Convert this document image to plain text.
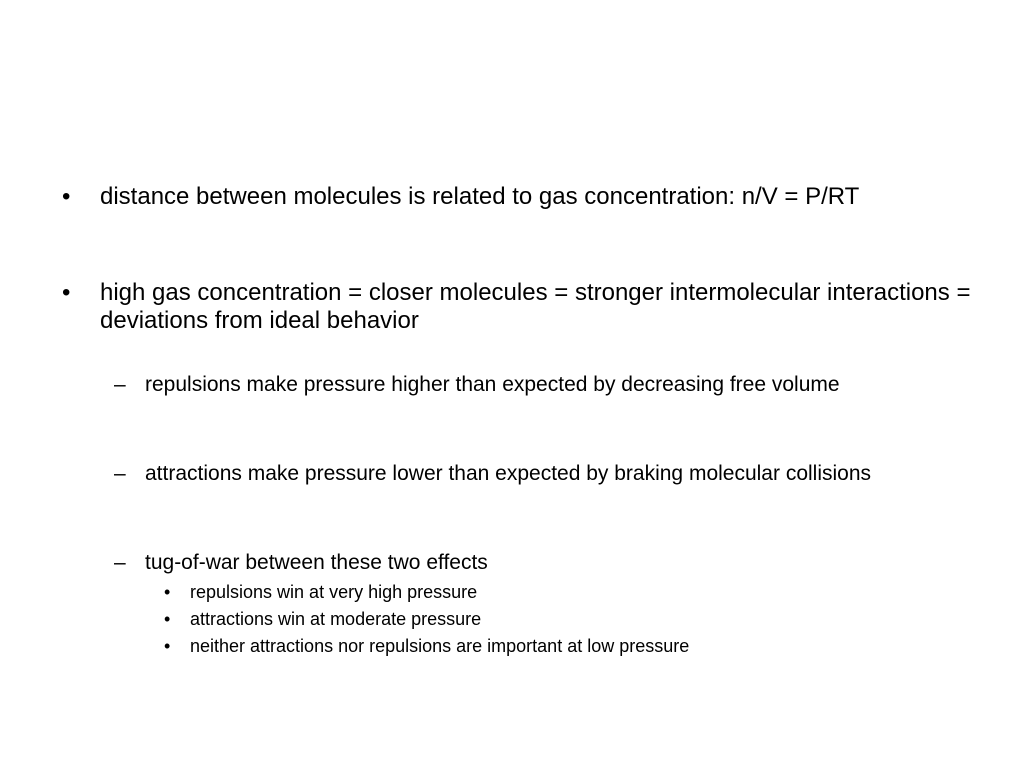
• distance between molecules is related to gas concentration: n/V = P/RT
• high gas concentration = closer molecules = stronger intermolecular interactions = deviations from ideal behavior
– repulsions make pressure higher than expected by decreasing free volume
– attractions make pressure lower than expected by braking molecular collisions
– tug-of-war between these two effects
• repulsions win at very high pressure
• attractions win at moderate pressure
• neither attractions nor repulsions are important at low pressure
